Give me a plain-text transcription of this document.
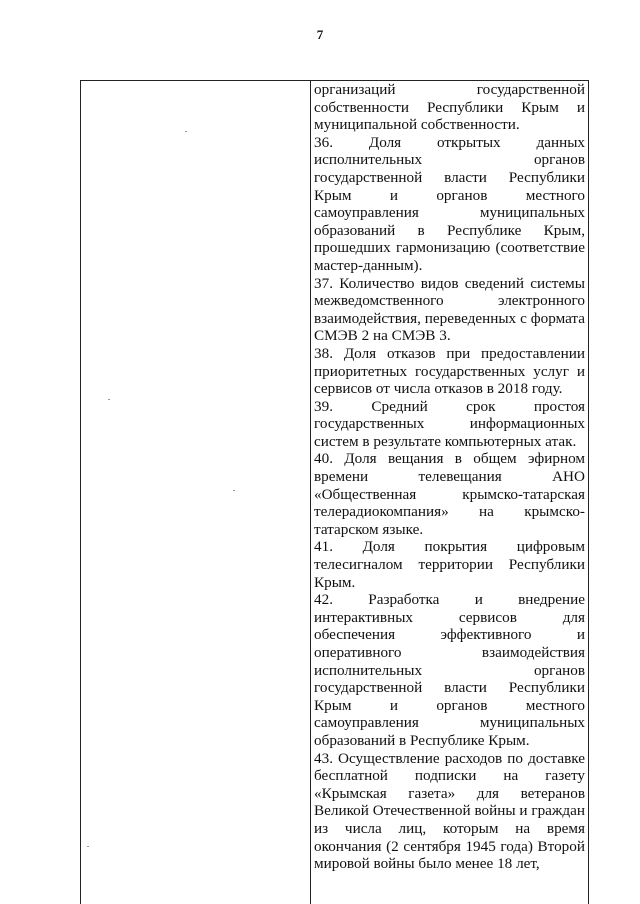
7

организаций государственной собственности Республики Крым и муниципальной собственности.

36. Доля открытых данных исполнительных органов государственной власти Республики Крым и органов местного самоуправления муниципальных образований в Республике Крым, прошедших гармонизацию (соответствие мастер-данным).

37. Количество видов сведений системы межведомственного электронного взаимодействия, переведенных с формата СМЭВ 2 на СМЭВ 3.

38. Доля отказов при предоставлении приоритетных государственных услуг и сервисов от числа отказов в 2018 году.

39. Средний срок простоя государственных информационных систем в результате компьютерных атак.

40. Доля вещания в общем эфирном времени телевещания АНО «Общественная крымско-татарская телерадиокомпания» на крымско-татарском языке.

41. Доля покрытия цифровым телесигналом территории Республики Крым.

42. Разработка и внедрение интерактивных сервисов для обеспечения эффективного и оперативного взаимодействия исполнительных органов государственной власти Республики Крым и органов местного самоуправления муниципальных образований в Республике Крым.

43. Осуществление расходов по доставке бесплатной подписки на газету «Крымская газета» для ветеранов Великой Отечественной войны и граждан из числа лиц, которым на время окончания (2 сентября 1945 года) Второй мировой войны было менее 18 лет,
